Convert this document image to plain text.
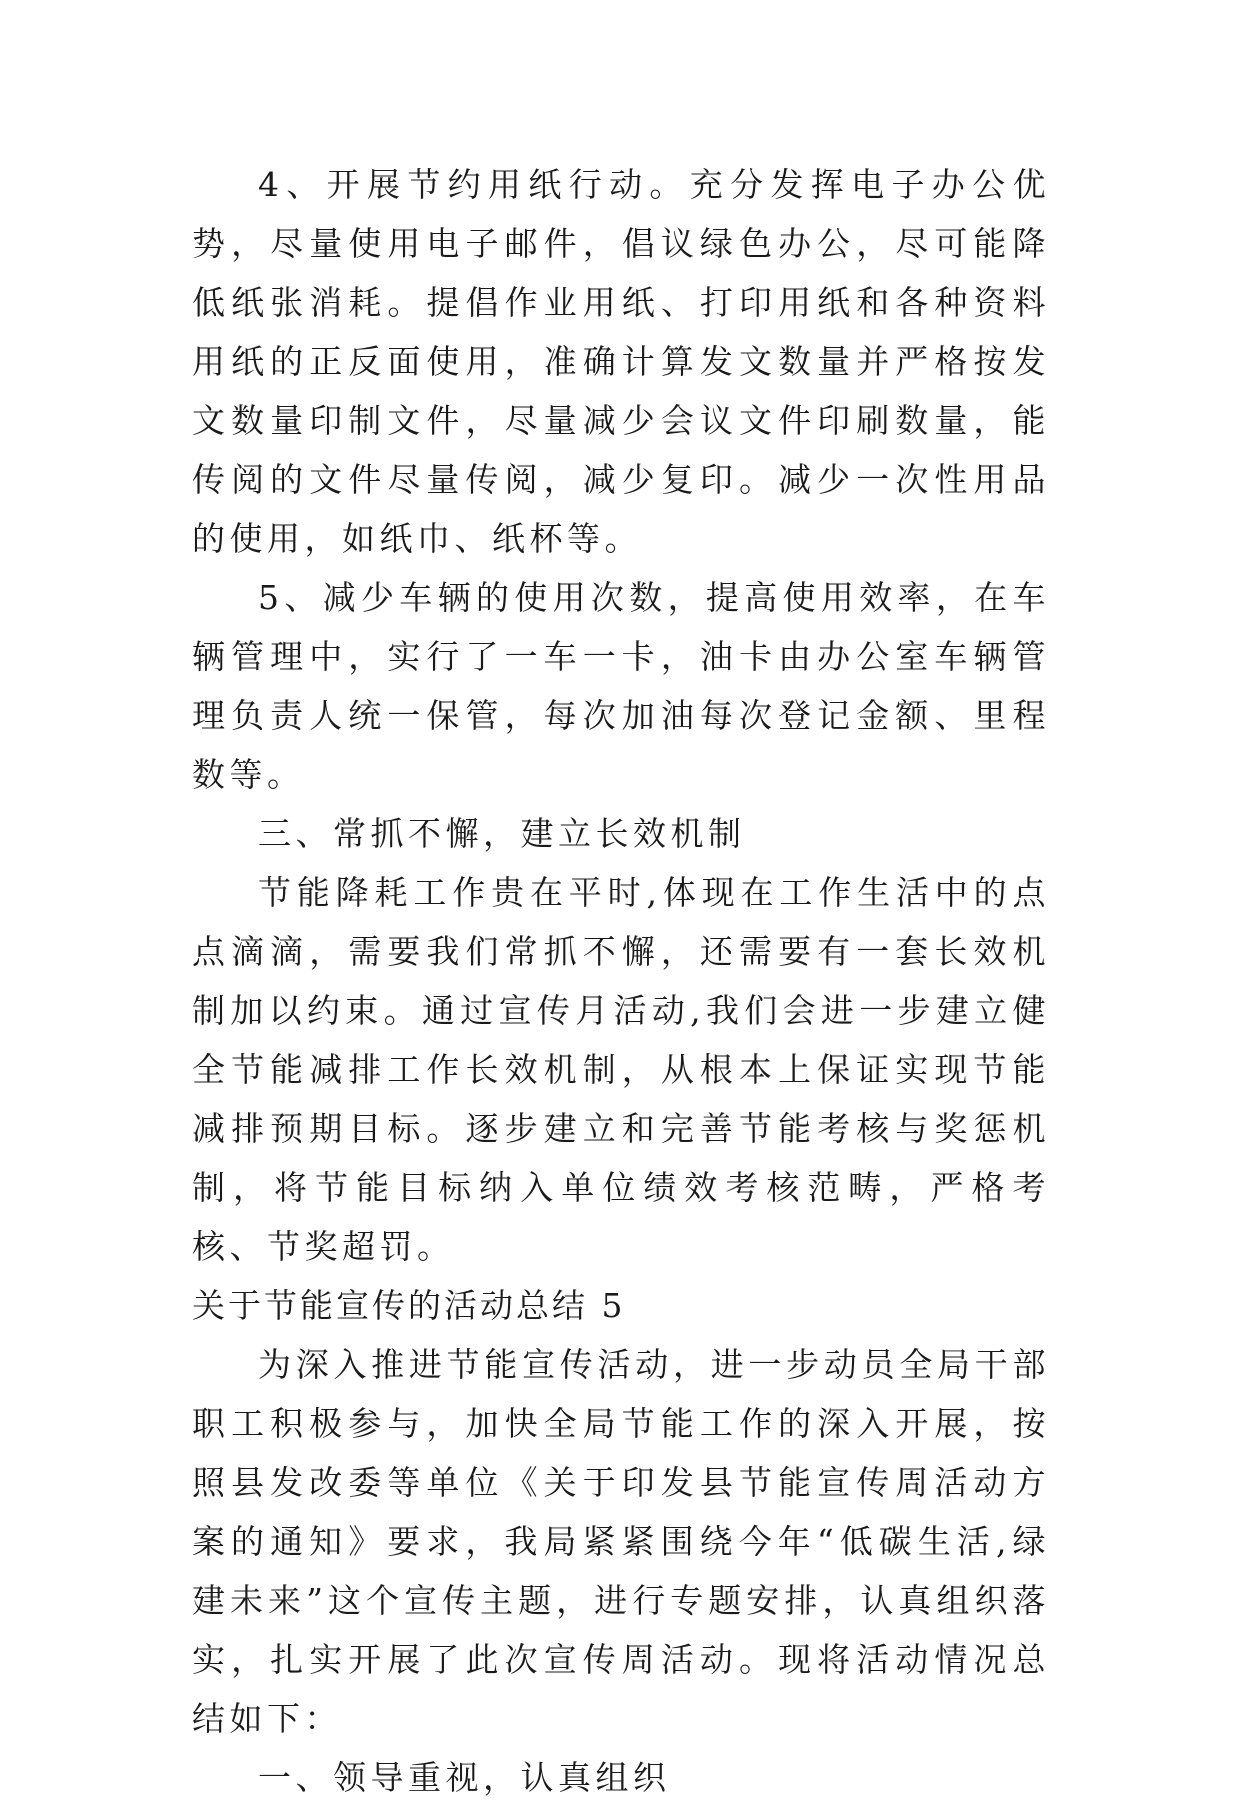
4、开展节约用纸行动。充分发挥电子办公优势，尽量使用电子邮件，倡议绿色办公，尽可能降低纸张消耗。提倡作业用纸、打印用纸和各种资料用纸的正反面使用，准确计算发文数量并严格按发文数量印制文件，尽量减少会议文件印刷数量，能传阅的文件尽量传阅，减少复印。减少一次性用品的使用，如纸巾、纸杯等。

5、减少车辆的使用次数，提高使用效率，在车辆管理中，实行了一车一卡，油卡由办公室车辆管理负责人统一保管，每次加油每次登记金额、里程数等。

三、常抓不懈，建立长效机制

节能降耗工作贵在平时,体现在工作生活中的点点滴滴，需要我们常抓不懈，还需要有一套长效机制加以约束。通过宣传月活动,我们会进一步建立健全节能减排工作长效机制，从根本上保证实现节能减排预期目标。逐步建立和完善节能考核与奖惩机制，将节能目标纳入单位绩效考核范畴，严格考核、节奖超罚。

关于节能宣传的活动总结 5

为深入推进节能宣传活动，进一步动员全局干部职工积极参与，加快全局节能工作的深入开展，按照县发改委等单位《关于印发县节能宣传周活动方案的通知》要求，我局紧紧围绕今年“低碳生活,绿建未来”这个宣传主题，进行专题安排，认真组织落实，扎实开展了此次宣传周活动。现将活动情况总结如下：

一、领导重视，认真组织
